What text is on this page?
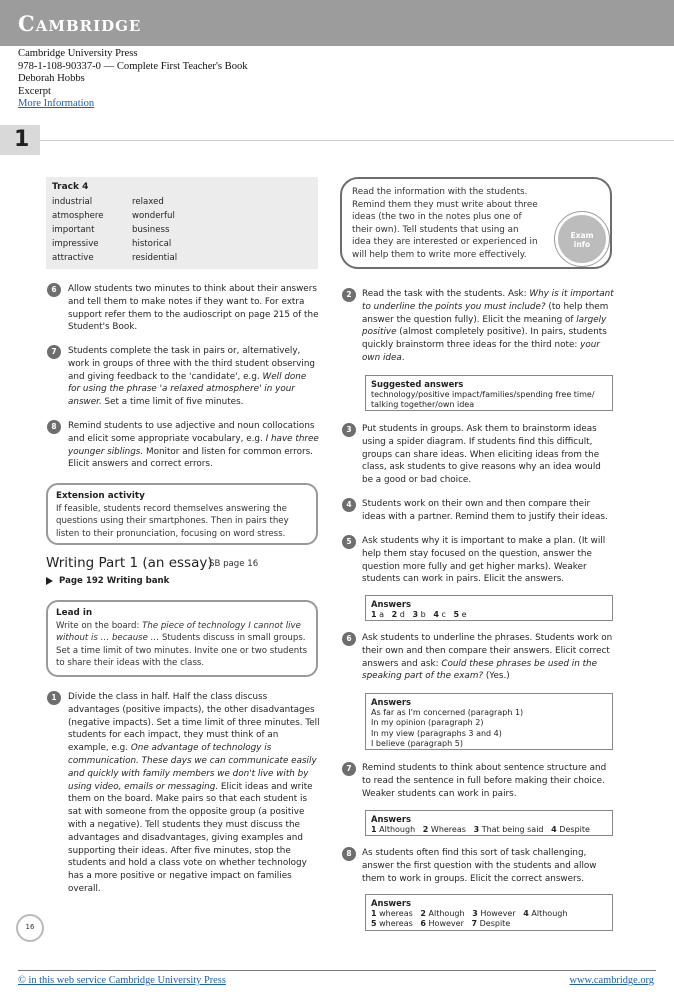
Cambridge
Cambridge University Press
978-1-108-90337-0 — Complete First Teacher's Book
Deborah Hobbs
Excerpt
More Information
1
Track 4
industrial	relaxed
atmosphere	wonderful
important	business
impressive	historical
attractive	residential
Read the information with the students. Remind them they must write about three ideas (the two in the notes plus one of their own). Tell students that using an idea they are interested or experienced in will help them to write more effectively.
Exam
info
6	Allow students two minutes to think about their answers and tell them to make notes if they want to. For extra support refer them to the audioscript on page 215 of the Student's Book.
7	Students complete the task in pairs or, alternatively, work in groups of three with the third student observing and giving feedback to the 'candidate', e.g. Well done for using the phrase 'a relaxed atmosphere' in your answer. Set a time limit of five minutes.
8	Remind students to use adjective and noun collocations and elicit some appropriate vocabulary, e.g. I have three younger siblings. Monitor and listen for common errors. Elicit answers and correct errors.
Extension activity
If feasible, students record themselves answering the questions using their smartphones. Then in pairs they listen to their pronunciation, focusing on word stress.
Writing Part 1 (an essay)
SB page 16
Page 192 Writing bank
Lead in
Write on the board: The piece of technology I cannot live without is … because … Students discuss in small groups. Set a time limit of two minutes. Invite one or two students to share their ideas with the class.
1	Divide the class in half. Half the class discuss advantages (positive impacts), the other disadvantages (negative impacts). Set a time limit of three minutes. Tell students for each impact, they must think of an example, e.g. One advantage of technology is communication. These days we can communicate easily and quickly with family members we don't live with by using video, emails or messaging. Elicit ideas and write them on the board. Make pairs so that each student is sat with someone from the opposite group (a positive with a negative). Tell students they must discuss the advantages and disadvantages, giving examples and supporting their ideas. After five minutes, stop the students and hold a class vote on whether technology has a more positive or negative impact on families overall.
2	Read the task with the students. Ask: Why is it important to underline the points you must include? (to help them answer the question fully). Elicit the meaning of largely positive (almost completely positive). In pairs, students quickly brainstorm three ideas for the third note: your own idea.
Suggested answers
technology/positive impact/families/spending free time/ talking together/own idea
3	Put students in groups. Ask them to brainstorm ideas using a spider diagram. If students find this difficult, groups can share ideas. When eliciting ideas from the class, ask students to give reasons why an idea would be a good or bad choice.
4	Students work on their own and then compare their ideas with a partner. Remind them to justify their ideas.
5	Ask students why it is important to make a plan. (It will help them stay focused on the question, answer the question more fully and get higher marks). Weaker students can work in pairs. Elicit the answers.
Answers
1 a 2 d 3 b 4 c 5 e
6	Ask students to underline the phrases. Students work on their own and then compare their answers. Elicit correct answers and ask: Could these phrases be used in the speaking part of the exam? (Yes.)
Answers
As far as I'm concerned (paragraph 1)
In my opinion (paragraph 2)
In my view (paragraphs 3 and 4)
I believe (paragraph 5)
7	Remind students to think about sentence structure and to read the sentence in full before making their choice. Weaker students can work in pairs.
Answers
1 Although 2 Whereas 3 That being said 4 Despite
8	As students often find this sort of task challenging, answer the first question with the students and allow them to work in groups. Elicit the correct answers.
Answers
1 whereas 2 Although 3 However 4 Although
5 whereas 6 However 7 Despite
16
© in this web service Cambridge University Press	www.cambridge.org
